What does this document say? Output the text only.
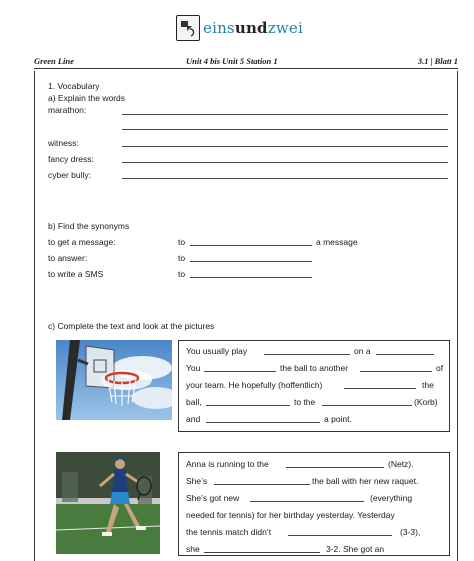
einsundzwei
Green Line	Unit 4 bis Unit 5 Station 1	3.1 | Blatt 1
1. Vocabulary
a) Explain the words
marathon:
witness:
fancy dress:
cyber bully:
b) Find the synonyms
to get a message:	to	a message
to answer:	to
to write a SMS	to
c) Complete the text and look at the pictures
You usually play	on a
You	the ball to another	of
your team. He hopefully (hoffentlich)	the
ball,	to the	(Korb)
and	a point.
Anna is running to the	(Netz).
She’s	the ball with her new raquet.
She’s got new	(everything
needed for tennis) for her birthday yesterday. Yesterday
the tennis match didn’t	(3-3),
she	3-2. She got an
